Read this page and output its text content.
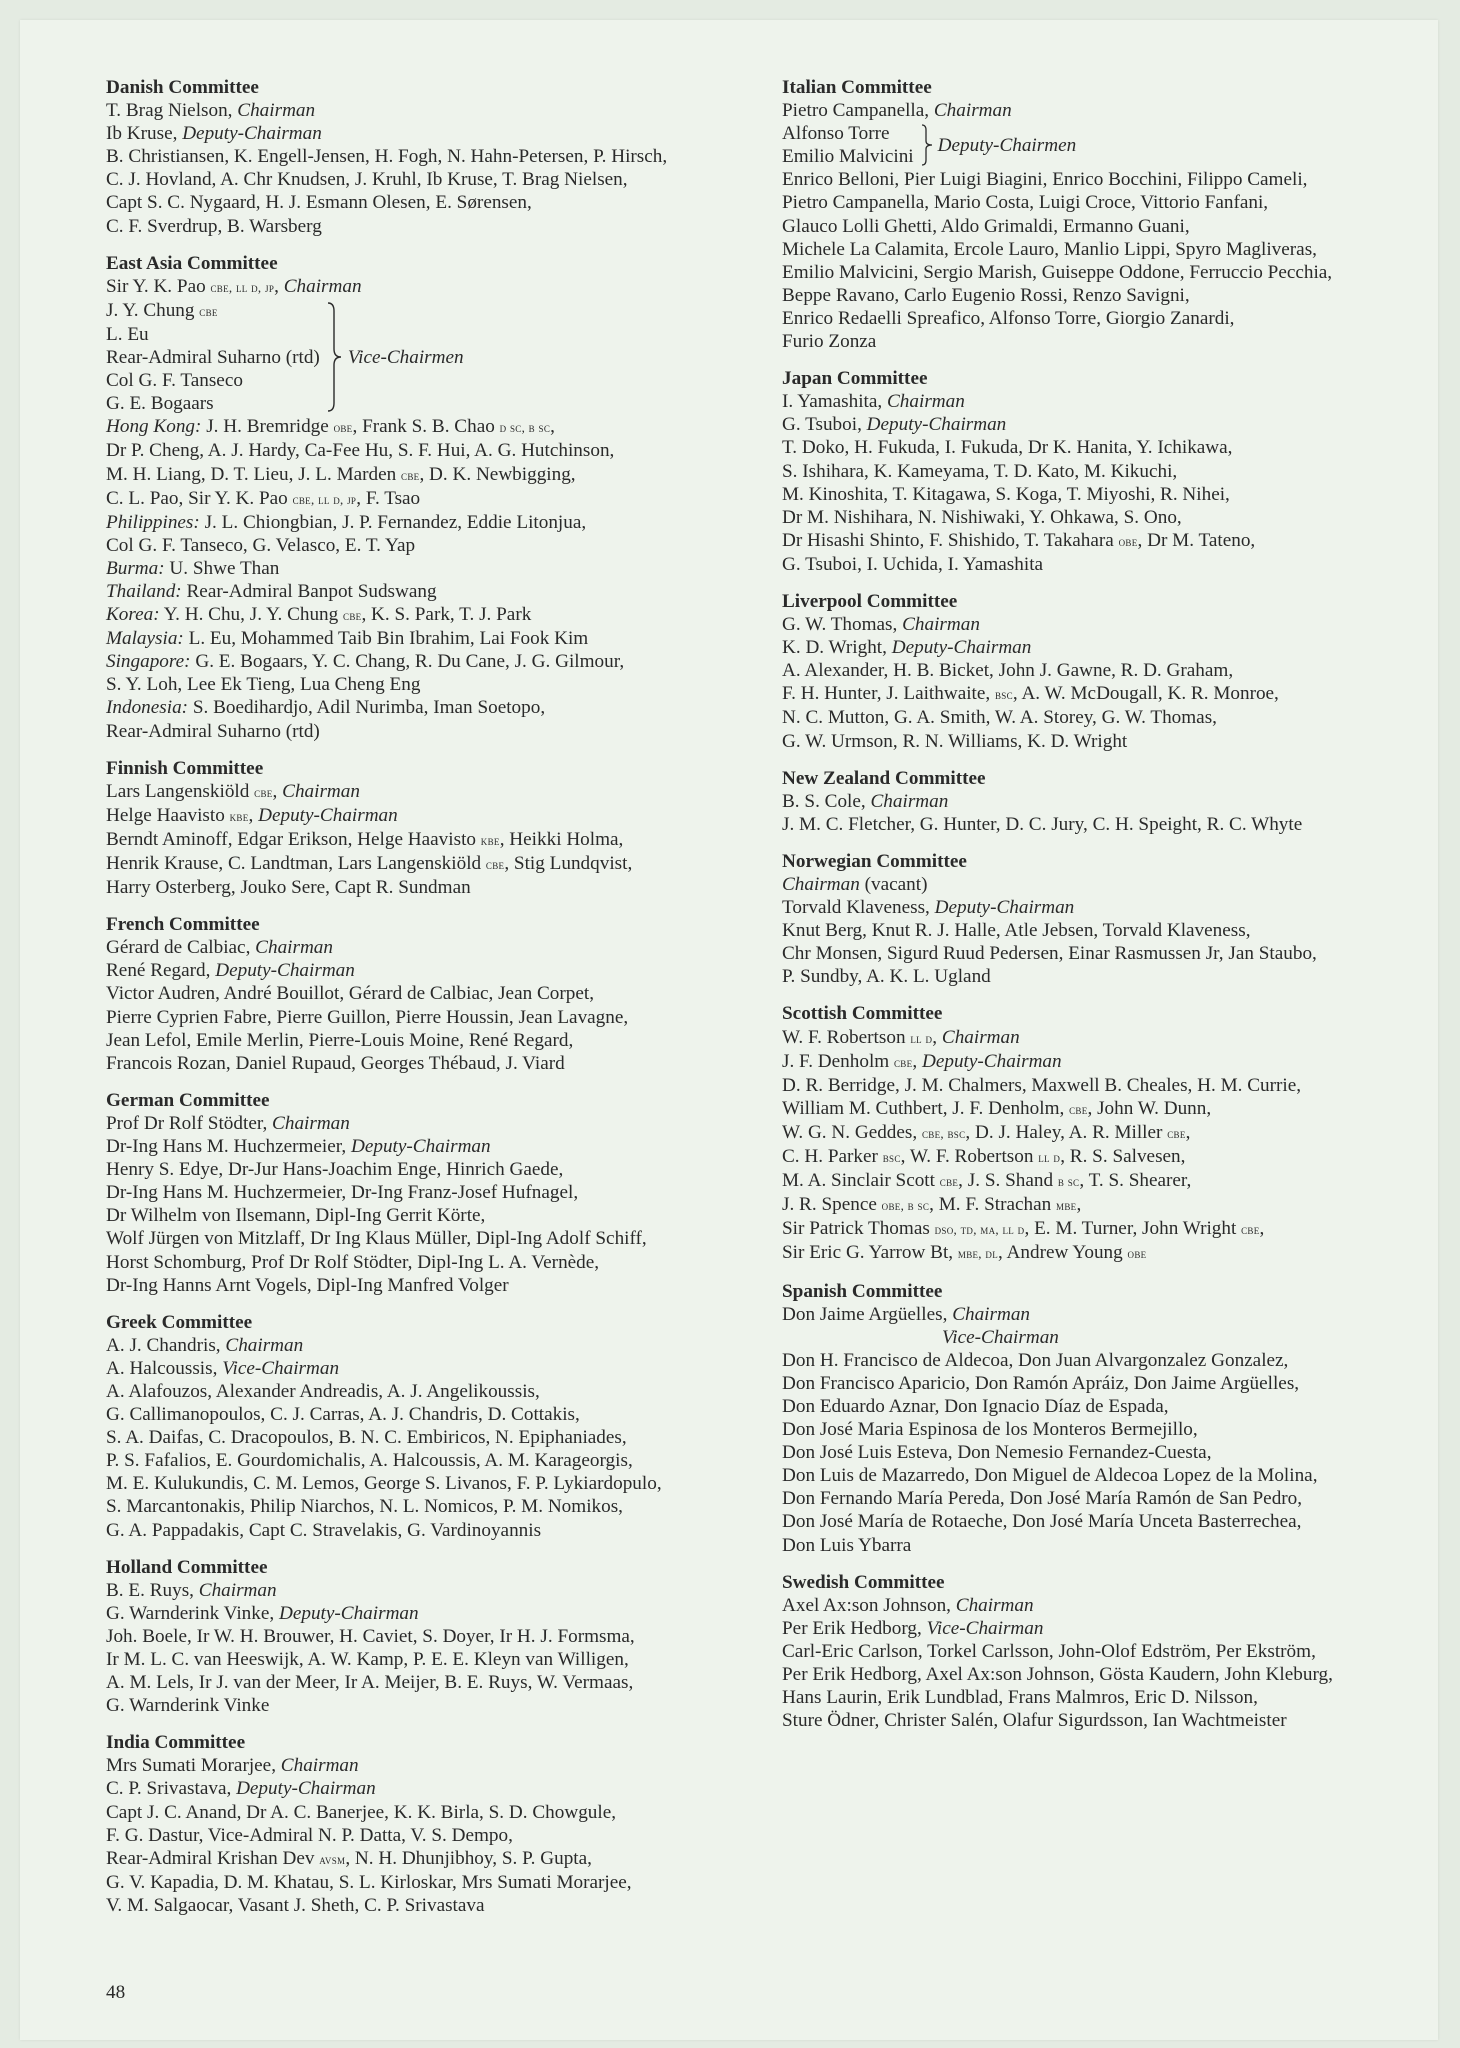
Danish Committee
T. Brag Nielson, Chairman
Ib Kruse, Deputy-Chairman
B. Christiansen, K. Engell-Jensen, H. Fogh, N. Hahn-Petersen, P. Hirsch,
C. J. Hovland, A. Chr Knudsen, J. Kruhl, Ib Kruse, T. Brag Nielsen,
Capt S. C. Nygaard, H. J. Esmann Olesen, E. Sørensen,
C. F. Sverdrup, B. Warsberg
East Asia Committee
Sir Y. K. Pao cbe, ll d, jp, Chairman
J. Y. Chung cbe
L. Eu
Rear-Admiral Suharno (rtd)
Col G. F. Tanseco
G. E. Bogaars
Vice-Chairmen
Hong Kong: J. H. Bremridge obe, Frank S. B. Chao d sc, b sc,
Dr P. Cheng, A. J. Hardy, Ca-Fee Hu, S. F. Hui, A. G. Hutchinson,
M. H. Liang, D. T. Lieu, J. L. Marden cbe, D. K. Newbigging,
C. L. Pao, Sir Y. K. Pao cbe, ll d, jp, F. Tsao
Philippines: J. L. Chiongbian, J. P. Fernandez, Eddie Litonjua,
Col G. F. Tanseco, G. Velasco, E. T. Yap
Burma: U. Shwe Than
Thailand: Rear-Admiral Banpot Sudswang
Korea: Y. H. Chu, J. Y. Chung cbe, K. S. Park, T. J. Park
Malaysia: L. Eu, Mohammed Taib Bin Ibrahim, Lai Fook Kim
Singapore: G. E. Bogaars, Y. C. Chang, R. Du Cane, J. G. Gilmour,
S. Y. Loh, Lee Ek Tieng, Lua Cheng Eng
Indonesia: S. Boedihardjo, Adil Nurimba, Iman Soetopo,
Rear-Admiral Suharno (rtd)
Finnish Committee
Lars Langenskiöld cbe, Chairman
Helge Haavisto kbe, Deputy-Chairman
Berndt Aminoff, Edgar Erikson, Helge Haavisto kbe, Heikki Holma,
Henrik Krause, C. Landtman, Lars Langenskiöld cbe, Stig Lundqvist,
Harry Osterberg, Jouko Sere, Capt R. Sundman
French Committee
Gérard de Calbiac, Chairman
René Regard, Deputy-Chairman
Victor Audren, André Bouillot, Gérard de Calbiac, Jean Corpet,
Pierre Cyprien Fabre, Pierre Guillon, Pierre Houssin, Jean Lavagne,
Jean Lefol, Emile Merlin, Pierre-Louis Moine, René Regard,
Francois Rozan, Daniel Rupaud, Georges Thébaud, J. Viard
German Committee
Prof Dr Rolf Stödter, Chairman
Dr-Ing Hans M. Huchzermeier, Deputy-Chairman
Henry S. Edye, Dr-Jur Hans-Joachim Enge, Hinrich Gaede,
Dr-Ing Hans M. Huchzermeier, Dr-Ing Franz-Josef Hufnagel,
Dr Wilhelm von Ilsemann, Dipl-Ing Gerrit Körte,
Wolf Jürgen von Mitzlaff, Dr Ing Klaus Müller, Dipl-Ing Adolf Schiff,
Horst Schomburg, Prof Dr Rolf Stödter, Dipl-Ing L. A. Vernède,
Dr-Ing Hanns Arnt Vogels, Dipl-Ing Manfred Volger
Greek Committee
A. J. Chandris, Chairman
A. Halcoussis, Vice-Chairman
A. Alafouzos, Alexander Andreadis, A. J. Angelikoussis,
G. Callimanopoulos, C. J. Carras, A. J. Chandris, D. Cottakis,
S. A. Daifas, C. Dracopoulos, B. N. C. Embiricos, N. Epiphaniades,
P. S. Fafalios, E. Gourdomichalis, A. Halcoussis, A. M. Karageorgis,
M. E. Kulukundis, C. M. Lemos, George S. Livanos, F. P. Lykiardopulo,
S. Marcantonakis, Philip Niarchos, N. L. Nomicos, P. M. Nomikos,
G. A. Pappadakis, Capt C. Stravelakis, G. Vardinoyannis
Holland Committee
B. E. Ruys, Chairman
G. Warnderink Vinke, Deputy-Chairman
Joh. Boele, Ir W. H. Brouwer, H. Caviet, S. Doyer, Ir H. J. Formsma,
Ir M. L. C. van Heeswijk, A. W. Kamp, P. E. E. Kleyn van Willigen,
A. M. Lels, Ir J. van der Meer, Ir A. Meijer, B. E. Ruys, W. Vermaas,
G. Warnderink Vinke
India Committee
Mrs Sumati Morarjee, Chairman
C. P. Srivastava, Deputy-Chairman
Capt J. C. Anand, Dr A. C. Banerjee, K. K. Birla, S. D. Chowgule,
F. G. Dastur, Vice-Admiral N. P. Datta, V. S. Dempo,
Rear-Admiral Krishan Dev avsm, N. H. Dhunjibhoy, S. P. Gupta,
G. V. Kapadia, D. M. Khatau, S. L. Kirloskar, Mrs Sumati Morarjee,
V. M. Salgaocar, Vasant J. Sheth, C. P. Srivastava
Italian Committee
Pietro Campanella, Chairman
Alfonso Torre
Emilio Malvicini
Deputy-Chairmen
Enrico Belloni, Pier Luigi Biagini, Enrico Bocchini, Filippo Cameli,
Pietro Campanella, Mario Costa, Luigi Croce, Vittorio Fanfani,
Glauco Lolli Ghetti, Aldo Grimaldi, Ermanno Guani,
Michele La Calamita, Ercole Lauro, Manlio Lippi, Spyro Magliveras,
Emilio Malvicini, Sergio Marish, Guiseppe Oddone, Ferruccio Pecchia,
Beppe Ravano, Carlo Eugenio Rossi, Renzo Savigni,
Enrico Redaelli Spreafico, Alfonso Torre, Giorgio Zanardi,
Furio Zonza
Japan Committee
I. Yamashita, Chairman
G. Tsuboi, Deputy-Chairman
T. Doko, H. Fukuda, I. Fukuda, Dr K. Hanita, Y. Ichikawa,
S. Ishihara, K. Kameyama, T. D. Kato, M. Kikuchi,
M. Kinoshita, T. Kitagawa, S. Koga, T. Miyoshi, R. Nihei,
Dr M. Nishihara, N. Nishiwaki, Y. Ohkawa, S. Ono,
Dr Hisashi Shinto, F. Shishido, T. Takahara obe, Dr M. Tateno,
G. Tsuboi, I. Uchida, I. Yamashita
Liverpool Committee
G. W. Thomas, Chairman
K. D. Wright, Deputy-Chairman
A. Alexander, H. B. Bicket, John J. Gawne, R. D. Graham,
F. H. Hunter, J. Laithwaite, bsc, A. W. McDougall, K. R. Monroe,
N. C. Mutton, G. A. Smith, W. A. Storey, G. W. Thomas,
G. W. Urmson, R. N. Williams, K. D. Wright
New Zealand Committee
B. S. Cole, Chairman
J. M. C. Fletcher, G. Hunter, D. C. Jury, C. H. Speight, R. C. Whyte
Norwegian Committee
Chairman (vacant)
Torvald Klaveness, Deputy-Chairman
Knut Berg, Knut R. J. Halle, Atle Jebsen, Torvald Klaveness,
Chr Monsen, Sigurd Ruud Pedersen, Einar Rasmussen Jr, Jan Staubo,
P. Sundby, A. K. L. Ugland
Scottish Committee
W. F. Robertson ll d, Chairman
J. F. Denholm cbe, Deputy-Chairman
D. R. Berridge, J. M. Chalmers, Maxwell B. Cheales, H. M. Currie,
William M. Cuthbert, J. F. Denholm, cbe, John W. Dunn,
W. G. N. Geddes, cbe, bsc, D. J. Haley, A. R. Miller cbe,
C. H. Parker bsc, W. F. Robertson ll d, R. S. Salvesen,
M. A. Sinclair Scott cbe, J. S. Shand b sc, T. S. Shearer,
J. R. Spence obe, b sc, M. F. Strachan mbe,
Sir Patrick Thomas dso, td, ma, ll d, E. M. Turner, John Wright cbe,
Sir Eric G. Yarrow Bt, mbe, dl, Andrew Young obe
Spanish Committee
Don Jaime Argüelles, Chairman
Vice-Chairman
Don H. Francisco de Aldecoa, Don Juan Alvargonzalez Gonzalez,
Don Francisco Aparicio, Don Ramón Apráiz, Don Jaime Argüelles,
Don Eduardo Aznar, Don Ignacio Díaz de Espada,
Don José Maria Espinosa de los Monteros Bermejillo,
Don José Luis Esteva, Don Nemesio Fernandez-Cuesta,
Don Luis de Mazarredo, Don Miguel de Aldecoa Lopez de la Molina,
Don Fernando María Pereda, Don José María Ramón de San Pedro,
Don José María de Rotaeche, Don José María Unceta Basterrechea,
Don Luis Ybarra
Swedish Committee
Axel Ax:son Johnson, Chairman
Per Erik Hedborg, Vice-Chairman
Carl-Eric Carlson, Torkel Carlsson, John-Olof Edström, Per Ekström,
Per Erik Hedborg, Axel Ax:son Johnson, Gösta Kaudern, John Kleburg,
Hans Laurin, Erik Lundblad, Frans Malmros, Eric D. Nilsson,
Sture Ödner, Christer Salén, Olafur Sigurdsson, Ian Wachtmeister
48
